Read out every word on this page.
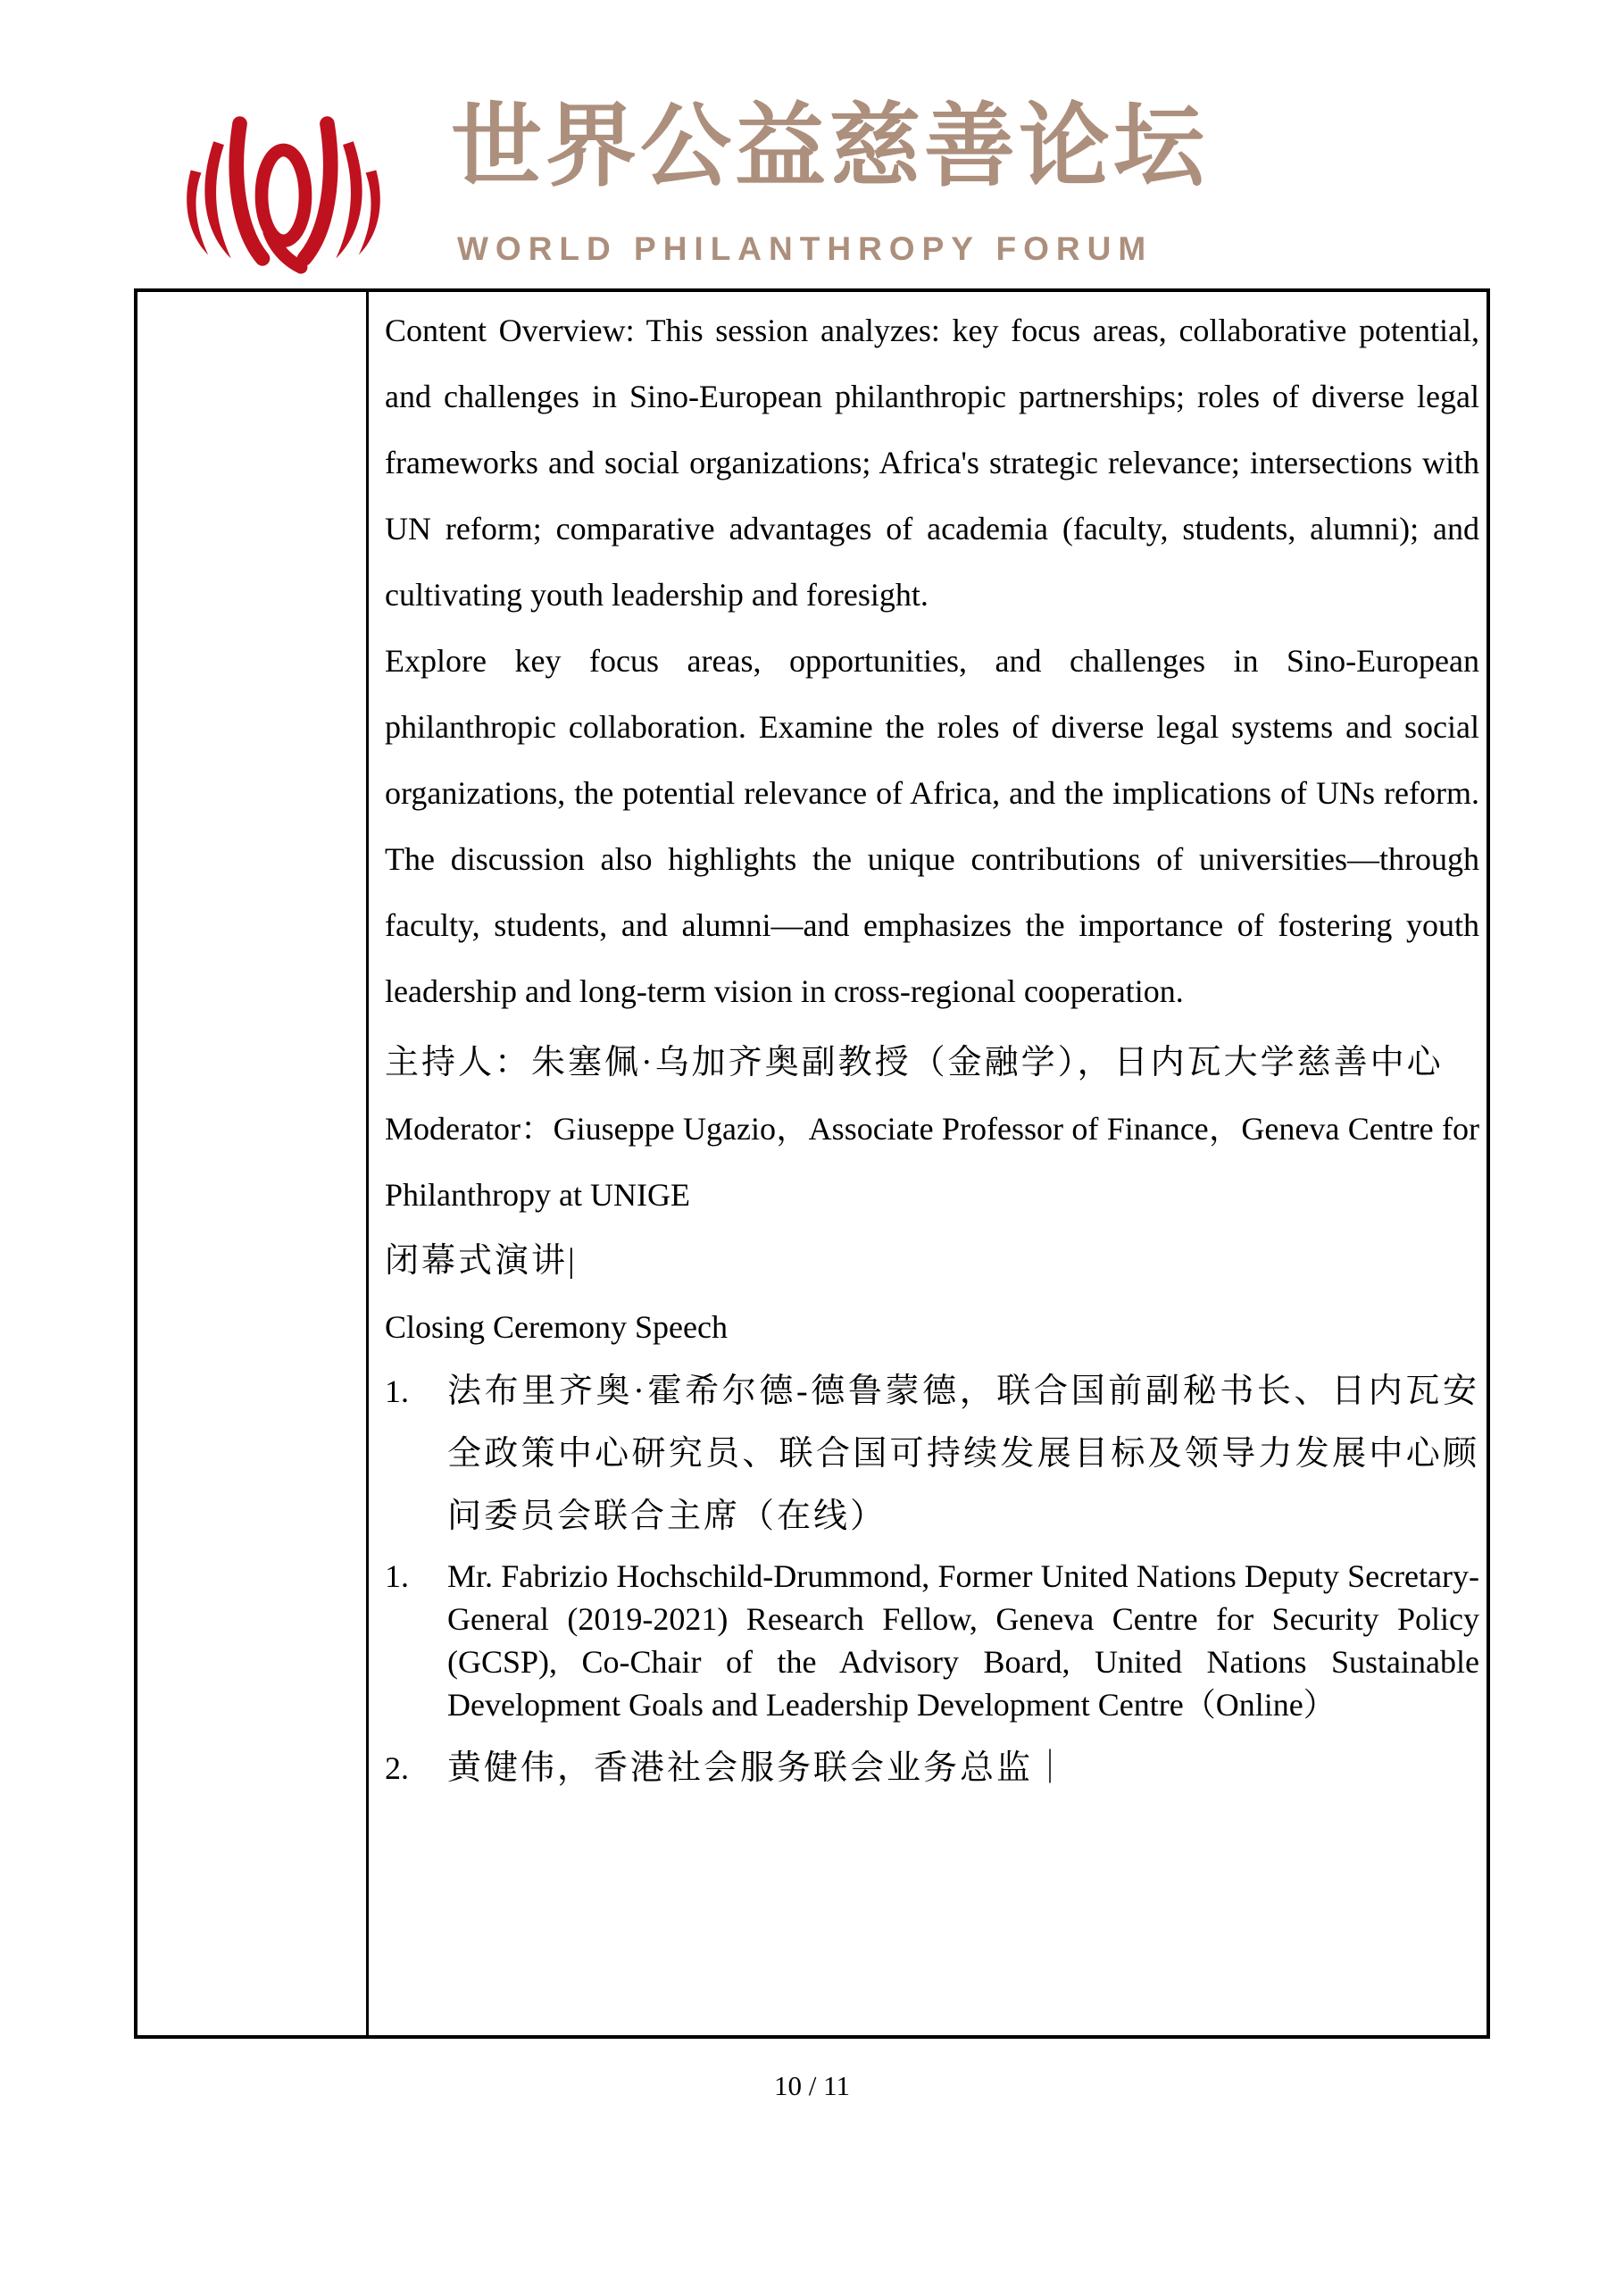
世界公益慈善论坛
WORLD PHILANTHROPY FORUM

Content Overview: This session analyzes: key focus areas, collaborative potential, and challenges in Sino-European philanthropic partnerships; roles of diverse legal frameworks and social organizations; Africa's strategic relevance; intersections with UN reform; comparative advantages of academia (faculty, students, alumni); and cultivating youth leadership and foresight.

Explore key focus areas, opportunities, and challenges in Sino-European philanthropic collaboration. Examine the roles of diverse legal systems and social organizations, the potential relevance of Africa, and the implications of UNs reform. The discussion also highlights the unique contributions of universities—through faculty, students, and alumni—and emphasizes the importance of fostering youth leadership and long-term vision in cross-regional cooperation.

主持人：朱塞佩·乌加齐奥副教授（金融学），日内瓦大学慈善中心

Moderator：Giuseppe Ugazio，Associate Professor of Finance，Geneva Centre for Philanthropy at UNIGE

闭幕式演讲|

Closing Ceremony Speech

1.	法布里齐奥·霍希尔德-德鲁蒙德，联合国前副秘书长、日内瓦安全政策中心研究员、联合国可持续发展目标及领导力发展中心顾问委员会联合主席（在线）

1.	Mr. Fabrizio Hochschild-Drummond, Former United Nations Deputy Secretary-General (2019-2021) Research Fellow, Geneva Centre for Security Policy (GCSP), Co-Chair of the Advisory Board, United Nations Sustainable Development Goals and Leadership Development Centre（Online）

2.	黄健伟，香港社会服务联会业务总监｜

10 / 11
